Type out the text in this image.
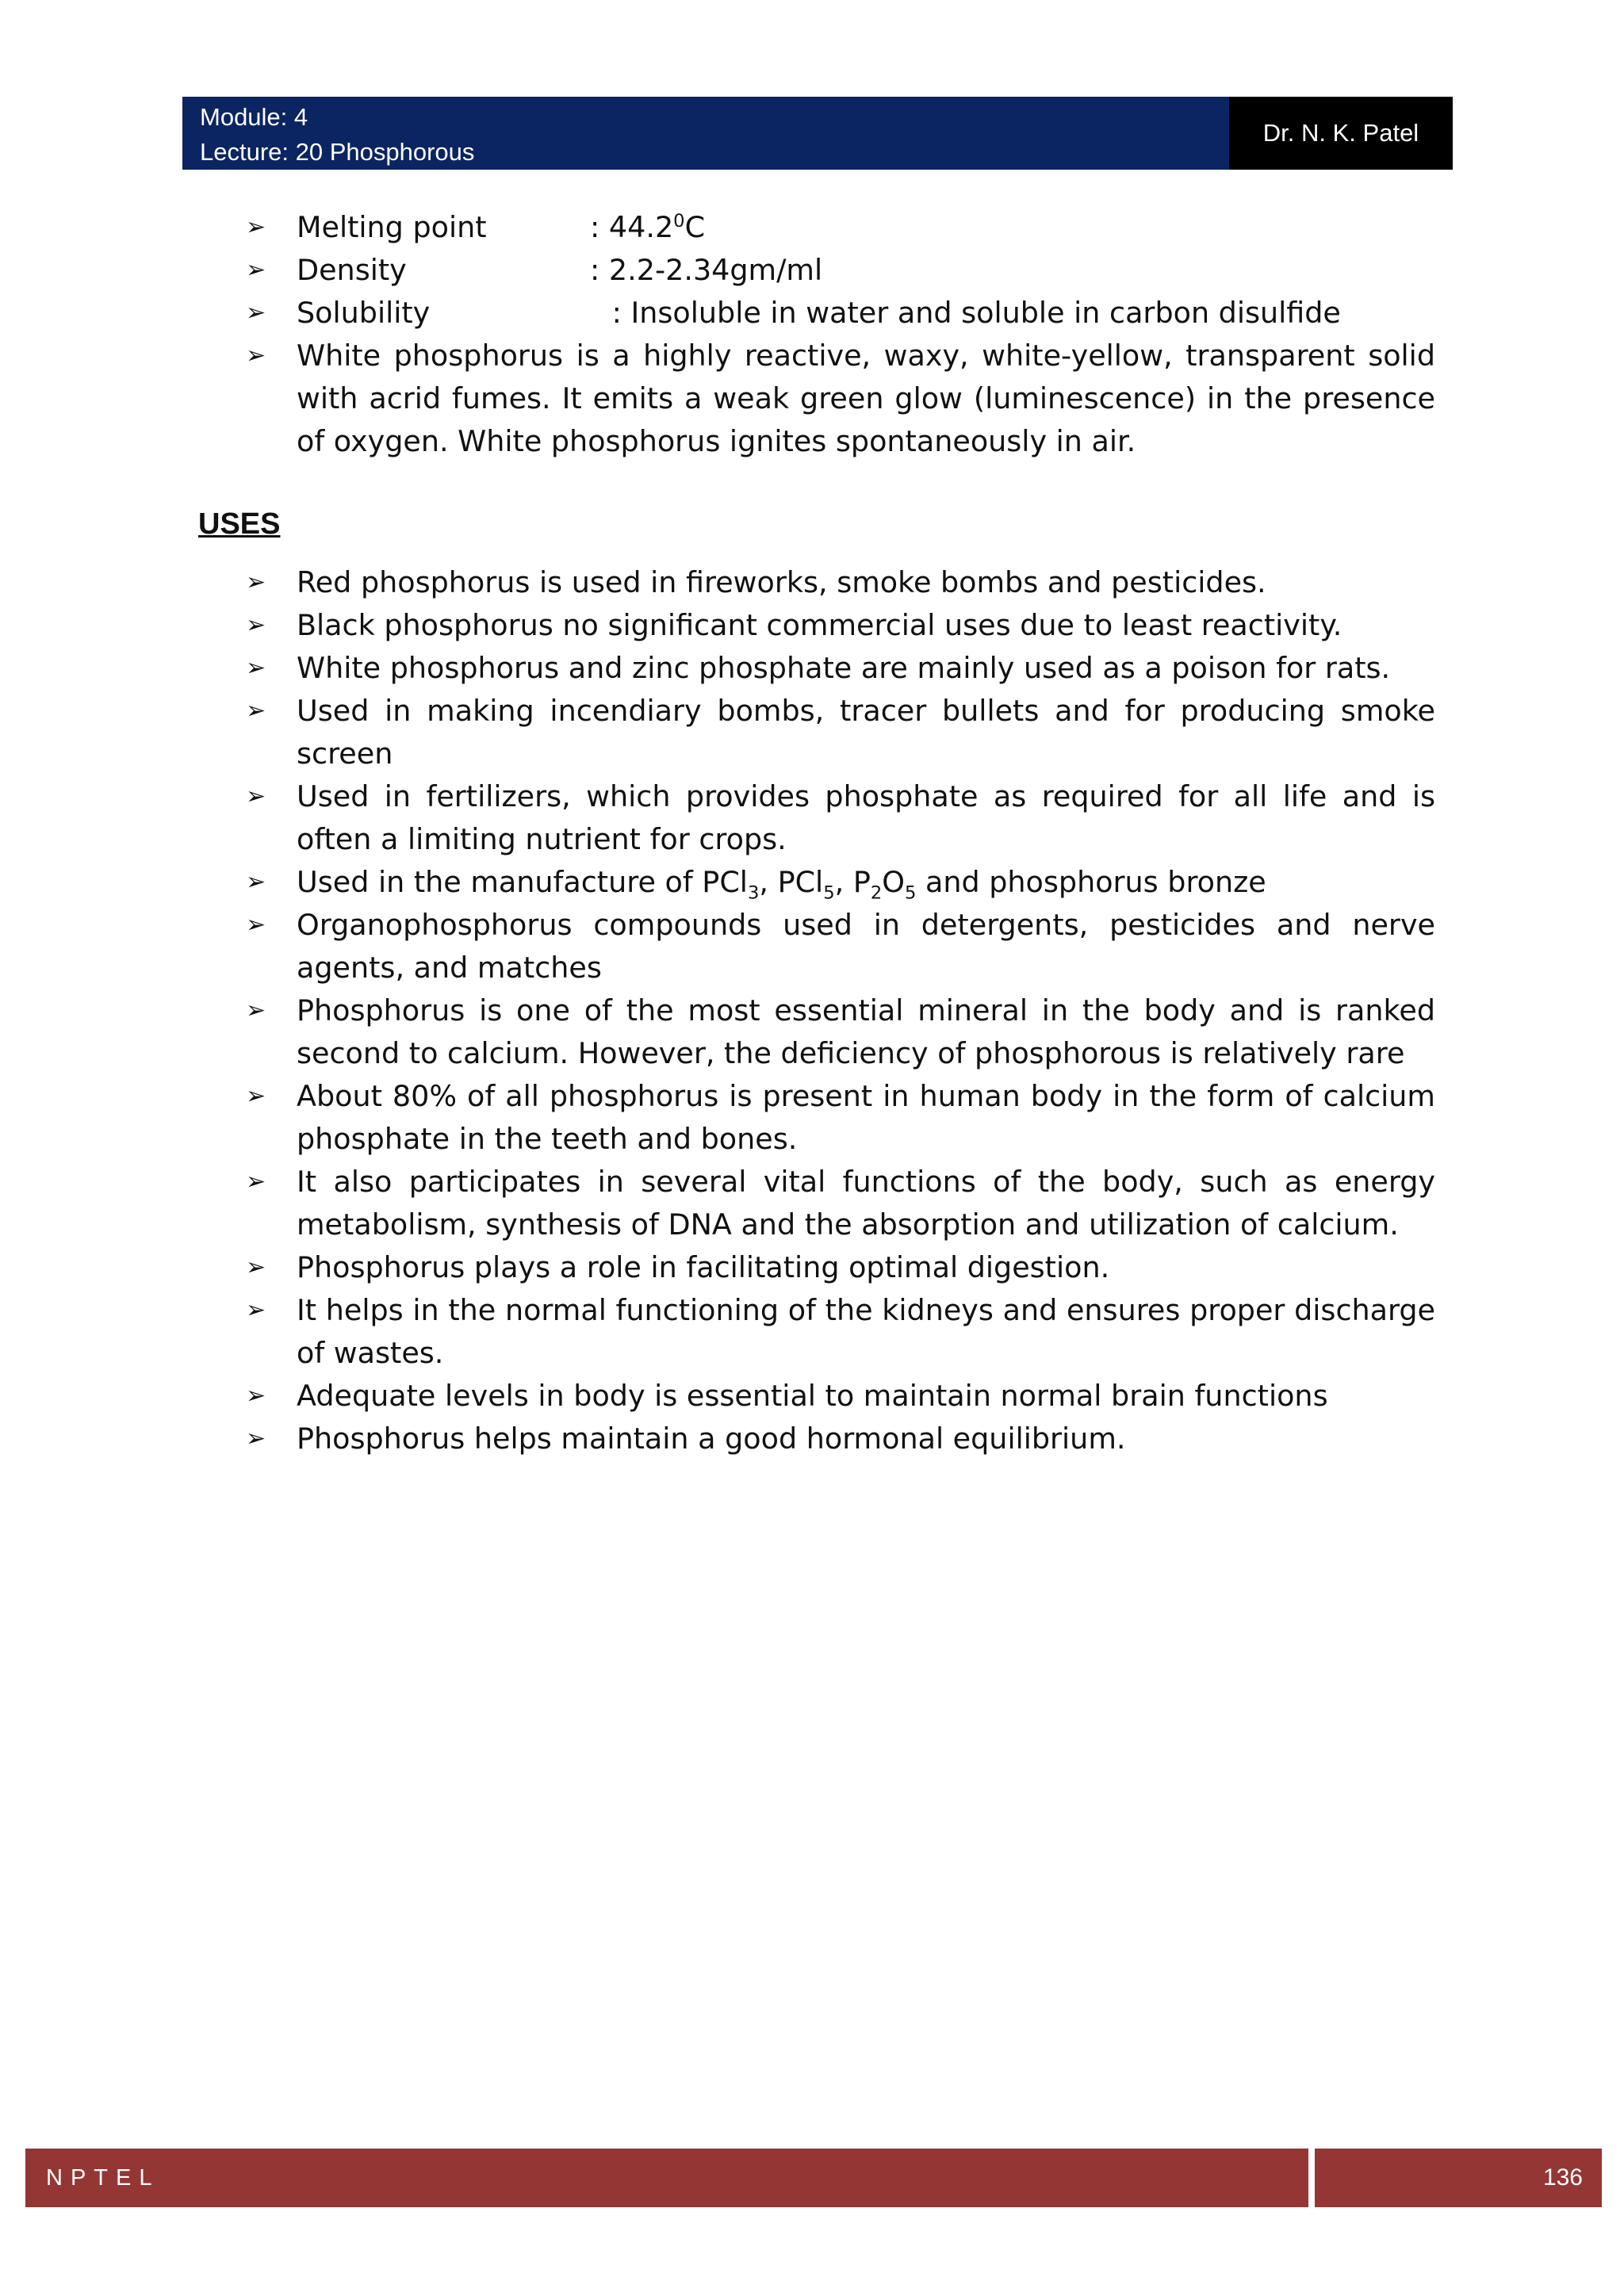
Module: 4
Lecture: 20 Phosphorous
Dr. N. K. Patel
➢ Melting point	: 44.2$^0$C
➢ Density	: 2.2-2.34gm/ml
➢ Solubility	: Insoluble in water and soluble in carbon disulfide
➢ White phosphorus is a highly reactive, waxy, white-yellow, transparent solid with acrid fumes. It emits a weak green glow (luminescence) in the presence of oxygen. White phosphorus ignites spontaneously in air.
USES
➢ Red phosphorus is used in fireworks, smoke bombs and pesticides.
➢ Black phosphorus no significant commercial uses due to least reactivity.
➢ White phosphorus and zinc phosphate are mainly used as a poison for rats.
➢ Used in making incendiary bombs, tracer bullets and for producing smoke screen
➢ Used in fertilizers, which provides phosphate as required for all life and is often a limiting nutrient for crops.
➢ Used in the manufacture of PCl$_3$, PCl$_5$, $P_2O_5$ and phosphorus bronze
➢ Organophosphorus compounds used in detergents, pesticides and nerve agents, and matches
➢ Phosphorus is one of the most essential mineral in the body and is ranked second to calcium. However, the deficiency of phosphorous is relatively rare
➢ About 80% of all phosphorus is present in human body in the form of calcium phosphate in the teeth and bones.
➢ It also participates in several vital functions of the body, such as energy metabolism, synthesis of DNA and the absorption and utilization of calcium.
➢ Phosphorus plays a role in facilitating optimal digestion.
➢ It helps in the normal functioning of the kidneys and ensures proper discharge of wastes.
➢ Adequate levels in body is essential to maintain normal brain functions
➢ Phosphorus helps maintain a good hormonal equilibrium.
NPTEL	136
